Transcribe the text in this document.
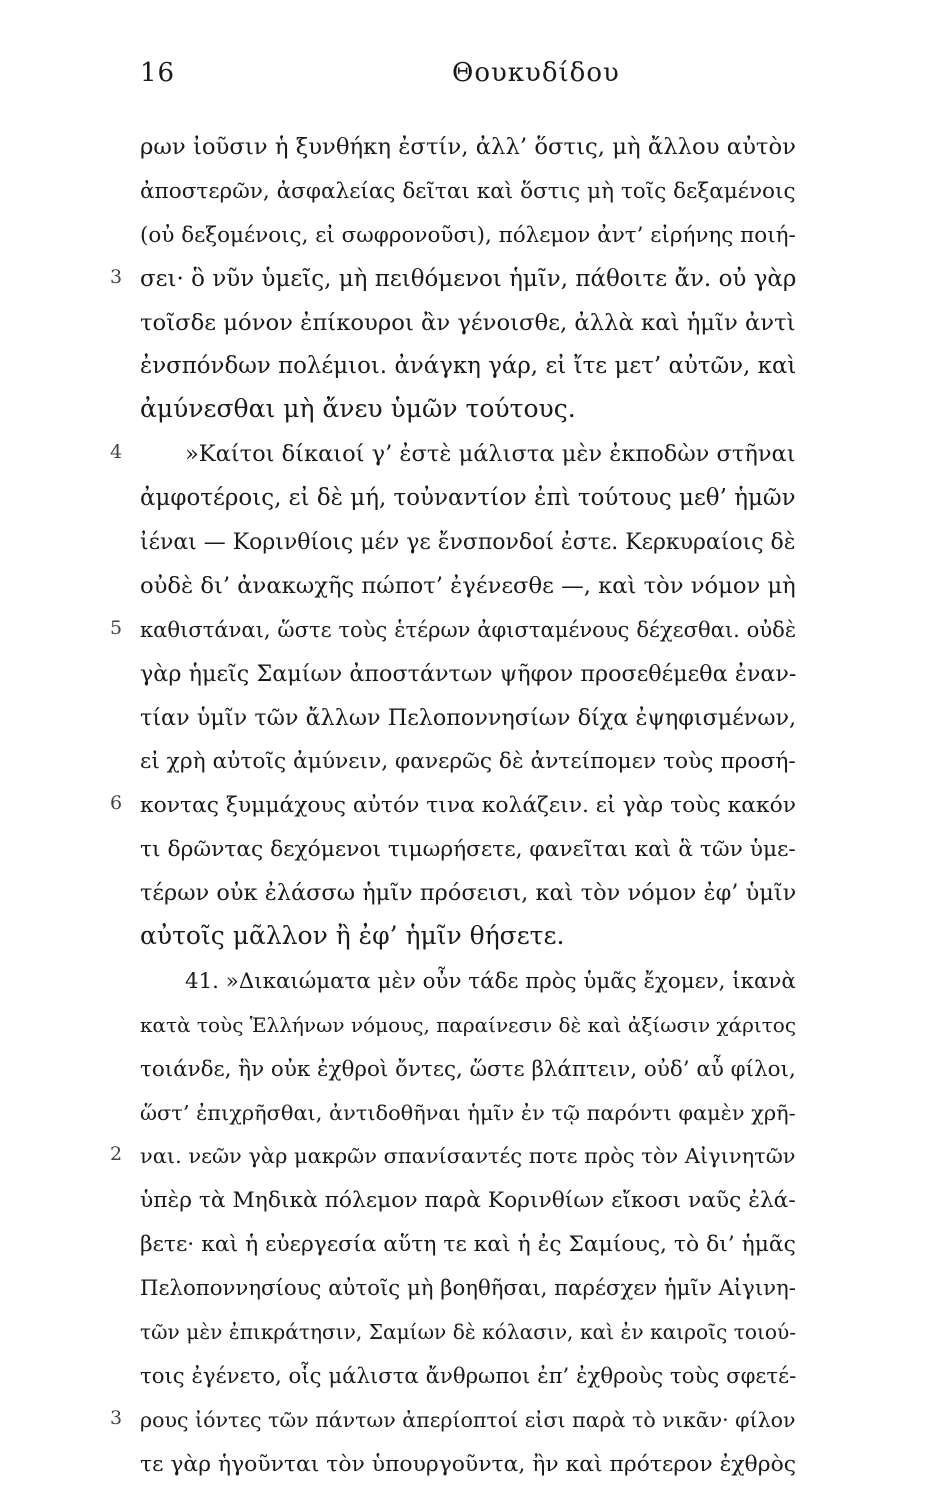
16	Θουκυδίδου
ρων ἰοῦσιν ἡ ξυνθήκη ἐστίν, ἀλλ’ ὅστις, μὴ ἄλλου αὐτὸν
ἀποστερῶν, ἀσφαλείας δεῖται καὶ ὅστις μὴ τοῖς δεξαμένοις
(οὐ δεξομένοις, εἰ σωφρονοῦσι), πόλεμον ἀντ’ εἰρήνης ποιή-
3 σει· ὃ νῦν ὑμεῖς, μὴ πειθόμενοι ἡμῖν, πάθοιτε ἄν. οὐ γὰρ
τοῖσδε μόνον ἐπίκουροι ἂν γένοισθε, ἀλλὰ καὶ ἡμῖν ἀντὶ
ἐνσπόνδων πολέμιοι. ἀνάγκη γάρ, εἰ ἴτε μετ’ αὐτῶν, καὶ
ἀμύνεσθαι μὴ ἄνευ ὑμῶν τούτους.
4	»Καίτοι δίκαιοί γ’ ἐστὲ μάλιστα μὲν ἐκποδὼν στῆναι
ἀμφοτέροις, εἰ δὲ μή, τοὐναντίον ἐπὶ τούτους μεθ’ ἡμῶν
ἰέναι — Κορινθίοις μέν γε ἔνσπονδοί ἐστε. Κερκυραίοις δὲ
οὐδὲ δι’ ἀνακωχῆς πώποτ’ ἐγένεσθε —, καὶ τὸν νόμον μὴ
5 καθιστάναι, ὥστε τοὺς ἑτέρων ἀφισταμένους δέχεσθαι. οὐδὲ
γὰρ ἡμεῖς Σαμίων ἀποστάντων ψῆφον προσεθέμεθα ἐναν-
τίαν ὑμῖν τῶν ἄλλων Πελοποννησίων δίχα ἐψηφισμένων,
εἰ χρὴ αὐτοῖς ἀμύνειν, φανερῶς δὲ ἀντείπομεν τοὺς προσή-
6 κοντας ξυμμάχους αὐτόν τινα κολάζειν. εἰ γὰρ τοὺς κακόν
τι δρῶντας δεχόμενοι τιμωρήσετε, φανεῖται καὶ ἃ τῶν ὑμε-
τέρων οὐκ ἐλάσσω ἡμῖν πρόσεισι, καὶ τὸν νόμον ἐφ’ ὑμῖν
αὐτοῖς μᾶλλον ἢ ἐφ’ ἡμῖν θήσετε.
41. »Δικαιώματα μὲν οὖν τάδε πρὸς ὑμᾶς ἔχομεν, ἱκανὰ
κατὰ τοὺς Ἑλλήνων νόμους, παραίνεσιν δὲ καὶ ἀξίωσιν χάριτος
τοιάνδε, ἣν οὐκ ἐχθροὶ ὄντες, ὥστε βλάπτειν, οὐδ’ αὖ φίλοι,
ὥστ’ ἐπιχρῆσθαι, ἀντιδοθῆναι ἡμῖν ἐν τῷ παρόντι φαμὲν χρῆ-
2 ναι. νεῶν γὰρ μακρῶν σπανίσαντές ποτε πρὸς τὸν Αἰγινητῶν
ὑπὲρ τὰ Μηδικὰ πόλεμον παρὰ Κορινθίων εἴκοσι ναῦς ἐλά-
βετε· καὶ ἡ εὐεργεσία αὕτη τε καὶ ἡ ἐς Σαμίους, τὸ δι’ ἡμᾶς
Πελοποννησίους αὐτοῖς μὴ βοηθῆσαι, παρέσχεν ἡμῖν Αἰγινη-
τῶν μὲν ἐπικράτησιν, Σαμίων δὲ κόλασιν, καὶ ἐν καιροῖς τοιού-
τοις ἐγένετο, οἷς μάλιστα ἄνθρωποι ἐπ’ ἐχθροὺς τοὺς σφετέ-
3 ρους ἰόντες τῶν πάντων ἀπερίοπτοί εἰσι παρὰ τὸ νικᾶν· φίλον
τε γὰρ ἡγοῦνται τὸν ὑπουργοῦντα, ἢν καὶ πρότερον ἐχθρὸς
